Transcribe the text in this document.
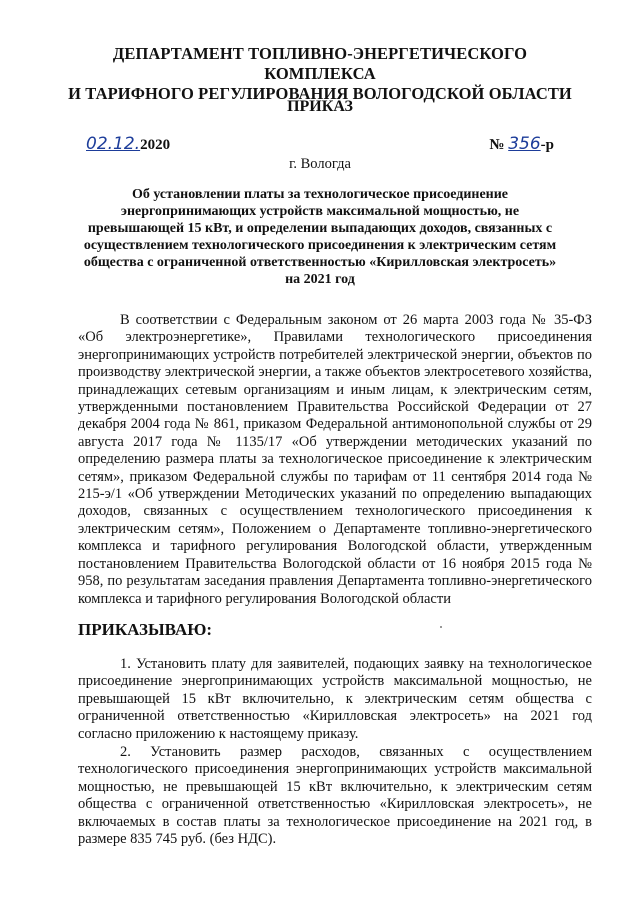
ДЕПАРТАМЕНТ ТОПЛИВНО-ЭНЕРГЕТИЧЕСКОГО КОМПЛЕКСА
И ТАРИФНОГО РЕГУЛИРОВАНИЯ ВОЛОГОДСКОЙ ОБЛАСТИ
ПРИКАЗ
02.12.2020	№ 356-р
г. Вологда
Об установлении платы за технологическое присоединение энергопринимающих устройств максимальной мощностью, не превышающей 15 кВт, и определении выпадающих доходов, связанных с осуществлением технологического присоединения к электрическим сетям общества с ограниченной ответственностью «Кирилловская электросеть» на 2021 год
В соответствии с Федеральным законом от 26 марта 2003 года № 35-ФЗ «Об электроэнергетике», Правилами технологического присоединения энергопринимающих устройств потребителей электрической энергии, объектов по производству электрической энергии, а также объектов электросетевого хозяйства, принадлежащих сетевым организациям и иным лицам, к электрическим сетям, утвержденными постановлением Правительства Российской Федерации от 27 декабря 2004 года № 861, приказом Федеральной антимонопольной службы от 29 августа 2017 года № 1135/17 «Об утверждении методических указаний по определению размера платы за технологическое присоединение к электрическим сетям», приказом Федеральной службы по тарифам от 11 сентября 2014 года № 215-э/1 «Об утверждении Методических указаний по определению выпадающих доходов, связанных с осуществлением технологического присоединения к электрическим сетям», Положением о Департаменте топливно-энергетического комплекса и тарифного регулирования Вологодской области, утвержденным постановлением Правительства Вологодской области от 16 ноября 2015 года № 958, по результатам заседания правления Департамента топливно-энергетического комплекса и тарифного регулирования Вологодской области
ПРИКАЗЫВАЮ:
1. Установить плату для заявителей, подающих заявку на технологическое присоединение энергопринимающих устройств максимальной мощностью, не превышающей 15 кВт включительно, к электрическим сетям общества с ограниченной ответственностью «Кирилловская электросеть» на 2021 год согласно приложению к настоящему приказу.
2. Установить размер расходов, связанных с осуществлением технологического присоединения энергопринимающих устройств максимальной мощностью, не превышающей 15 кВт включительно, к электрическим сетям общества с ограниченной ответственностью «Кирилловская электросеть», не включаемых в состав платы за технологическое присоединение на 2021 год, в размере 835 745 руб. (без НДС).
